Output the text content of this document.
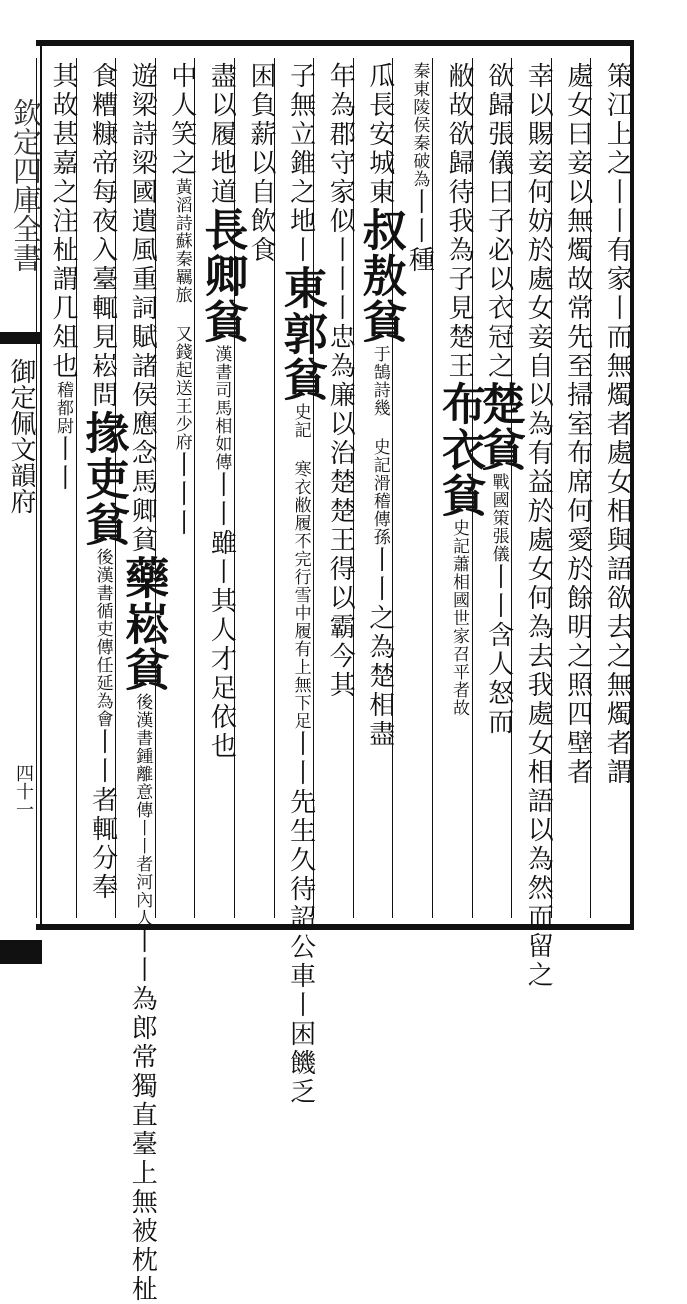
欽定四庫全書
御定佩文韻府
四十一
策江上之丨丨有家丨而無燭者處女相與語欲去之無燭者謂
處女曰妾以無燭故常先至掃室布席何愛於餘明之照四壁者
幸以賜妾何妨於處女妾自以為有益於處女何為去我處女相語以為然而留之
欲歸張儀曰子必以衣冠之楚貧戰國策張儀丨丨含人怒而
敝故欲歸待我為子見楚王布衣貧史記蕭相國世家召平者故
秦東陵侯秦破為丨丨種
瓜長安城東叔敖貧于鵠詩幾 史記滑稽傳孫丨丨之為楚相盡
年為郡守家似丨丨丨忠為廉以治楚楚王得以霸今其
子無立錐之地丨東郭貧史記 寒衣敝履不完行雪中履有上無下足丨丨先生久待詔公車丨困饑乏
困負薪以自飲食
盡以履地道長卿貧漢書司馬相如傳丨丨雖丨其人才足依也
中人笑之黃滔詩蘇秦羈旅 又錢起送王少府丨丨丨
遊梁詩梁國遺風重詞賦諸侯應念馬卿貧藥崧貧後漢書鍾離意傳丨丨者河內人丨丨為郎常獨直臺上無被枕杫
食糟糠帝每夜入臺輒見崧問掾吏貧後漢書循吏傳任延為會丨丨者輒分奉
其故甚嘉之注杫謂几俎也稽都尉丨丨
